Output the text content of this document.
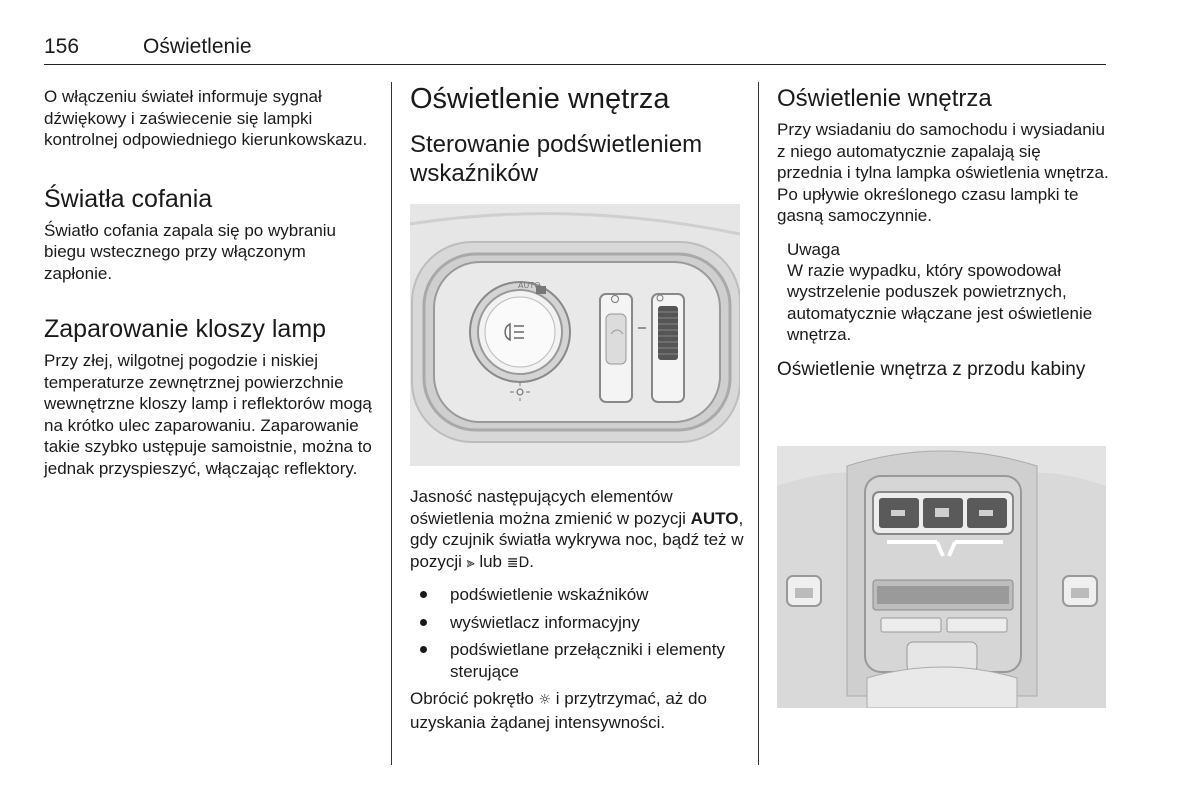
156	Oświetlenie

O włączeniu świateł informuje sygnał dźwiękowy i zaświecenie się lampki kontrolnej odpowiedniego kierunkowskazu.

Światła cofania

Światło cofania zapala się po wybraniu biegu wstecznego przy włączonym zapłonie.

Zaparowanie kloszy lamp

Przy złej, wilgotnej pogodzie i niskiej temperaturze zewnętrznej powierzchnie wewnętrzne kloszy lamp i reflektorów mogą na krótko ulec zaparowaniu. Zaparowanie takie szybko ustępuje samoistnie, można to jednak przyspieszyć, włączając reflektory.

Oświetlenie wnętrza
Sterowanie podświetleniem wskaźników
AUTO

Jasność następujących elementów oświetlenia można zmienić w pozycji AUTO, gdy czujnik światła wykrywa noc, bądź też w pozycji ⫸ lub ≣D.

podświetlenie wskaźników
wyświetlacz informacyjny
podświetlane przełączniki i elementy sterujące

Obrócić pokrętło ☼ i przytrzymać, aż do uzyskania żądanej intensywności.

Oświetlenie wnętrza

Przy wsiadaniu do samochodu i wysiadaniu z niego automatycznie zapalają się przednia i tylna lampka oświetlenia wnętrza. Po upływie określonego czasu lampki te gasną samoczynnie.

Uwaga

W razie wypadku, który spowodował wystrzelenie poduszek powietrznych, automatycznie włączane jest oświetlenie wnętrza.

Oświetlenie wnętrza z przodu kabiny
